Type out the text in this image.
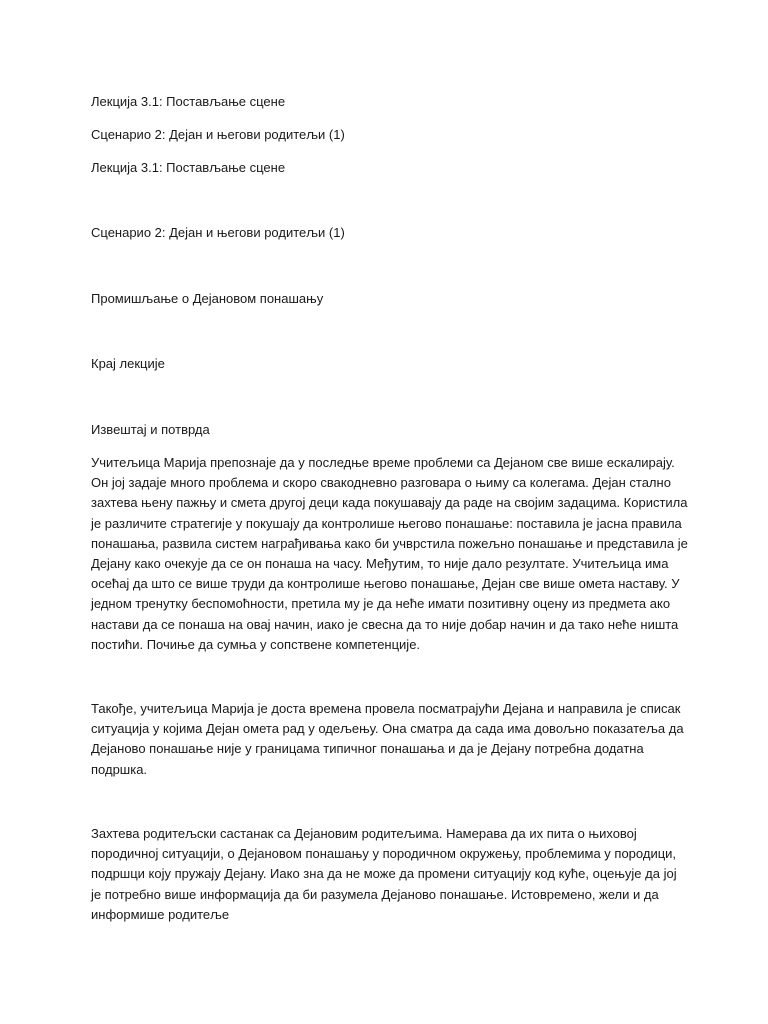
Лекција 3.1: Постављање сцене
Сценарио 2: Дејан и његови родитељи (1)
Лекција 3.1: Постављање сцене
Сценарио 2: Дејан и његови родитељи (1)
Промишљање о Дејановом понашању
Крај лекције
Извештај и потврда
Учитељица Марија препознаје да у последње време проблеми са Дејаном све више ескалирају.
Он јој задаје много проблема и скоро свакодневно разговара о њиму са колегама. Дејан стално
захтева њену пажњу и смета другој деци када покушавају да раде на својим задацима. Користила
је различите стратегије у покушају да контролише његово понашање: поставила је јасна правила
понашања, развила систем награђивања како би учврстила пожељно понашање и представила је
Дејану како очекује да се он понаша на часу. Међутим, то није дало резултате. Учитељица има
осећај да што се више труди да контролише његово понашање, Дејан све више омета наставу. У
једном тренутку беспомоћности, претила му је да неће имати позитивну оцену из предмета ако
настави да се понаша на овај начин, иако је свесна да то није добар начин и да тако неће ништа
постићи. Почиње да сумња у сопствене компетенције.
Такође, учитељица Марија је доста времена провела посматрајући Дејана и направила је списак
ситуација у којима Дејан омета рад у одељењу. Она сматра да сада има довољно показатеља да
Дејаново понашање није у границама типичног понашања и да је Дејану потребна додатна
подршка.
Захтева родитељски састанак са Дејановим родитељима. Намерава да их пита о њиховој
породичној ситуацији, о Дејановом понашању у породичном окружењу, проблемима у породици,
подршци коју пружају Дејану. Иако зна да не може да промени ситуацију код куће, оцењује да јој
је потребно више информација да би разумела Дејаново понашање. Истовремено, жели и да
информише родитеље
